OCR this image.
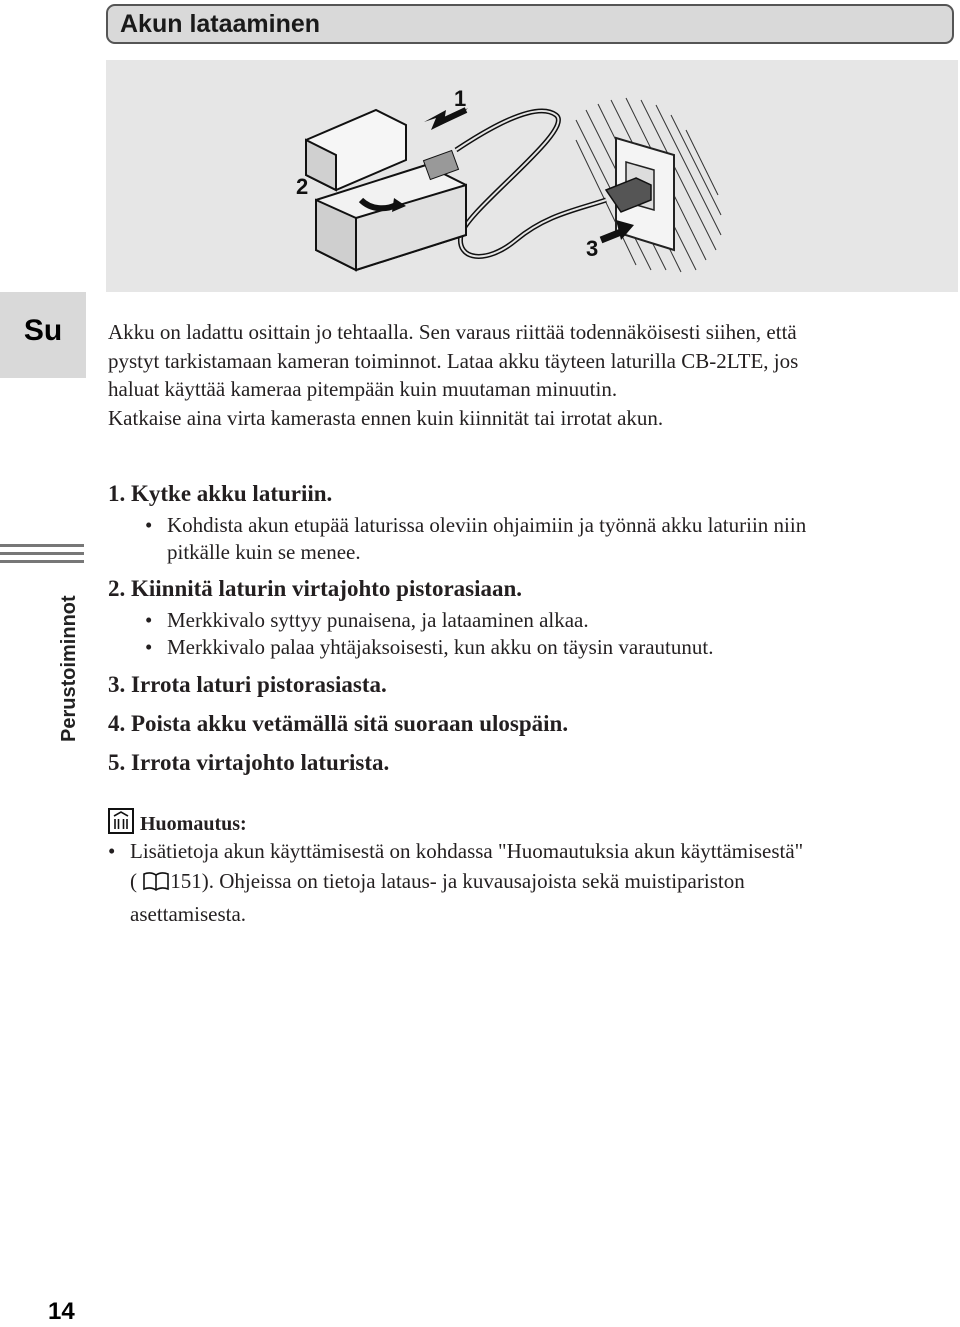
Akun lataaminen
1
2
3
Su
Perustoiminnot

Akku on ladattu osittain jo tehtaalla. Sen varaus riittää todennäköisesti siihen, että

pystyt tarkistamaan kameran toiminnot. Lataa akku täyteen laturilla CB-2LTE, jos

haluat käyttää kameraa pitempään kuin muutaman minuutin.

Katkaise aina virta kamerasta ennen kuin kiinnität tai irrotat akun.

1. Kytke akku laturiin.
• Kohdista akun etupää laturissa oleviin ohjaimiin ja työnnä akku laturiin niin
pitkälle kuin se menee.
2. Kiinnitä laturin virtajohto pistorasiaan.
• Merkkivalo syttyy punaisena, ja lataaminen alkaa.
• Merkkivalo palaa yhtäjaksoisesti, kun akku on täysin varautunut.
3. Irrota laturi pistorasiasta.
4. Poista akku vetämällä sitä suoraan ulospäin.
5. Irrota virtajohto laturista.
Huomautus:
• Lisätietoja akun käyttämisestä on kohdassa "Huomautuksia akun käyttämisestä"
( 151). Ohjeissa on tietoja lataus- ja kuvausajoista sekä muistipariston
asettamisesta.
14
